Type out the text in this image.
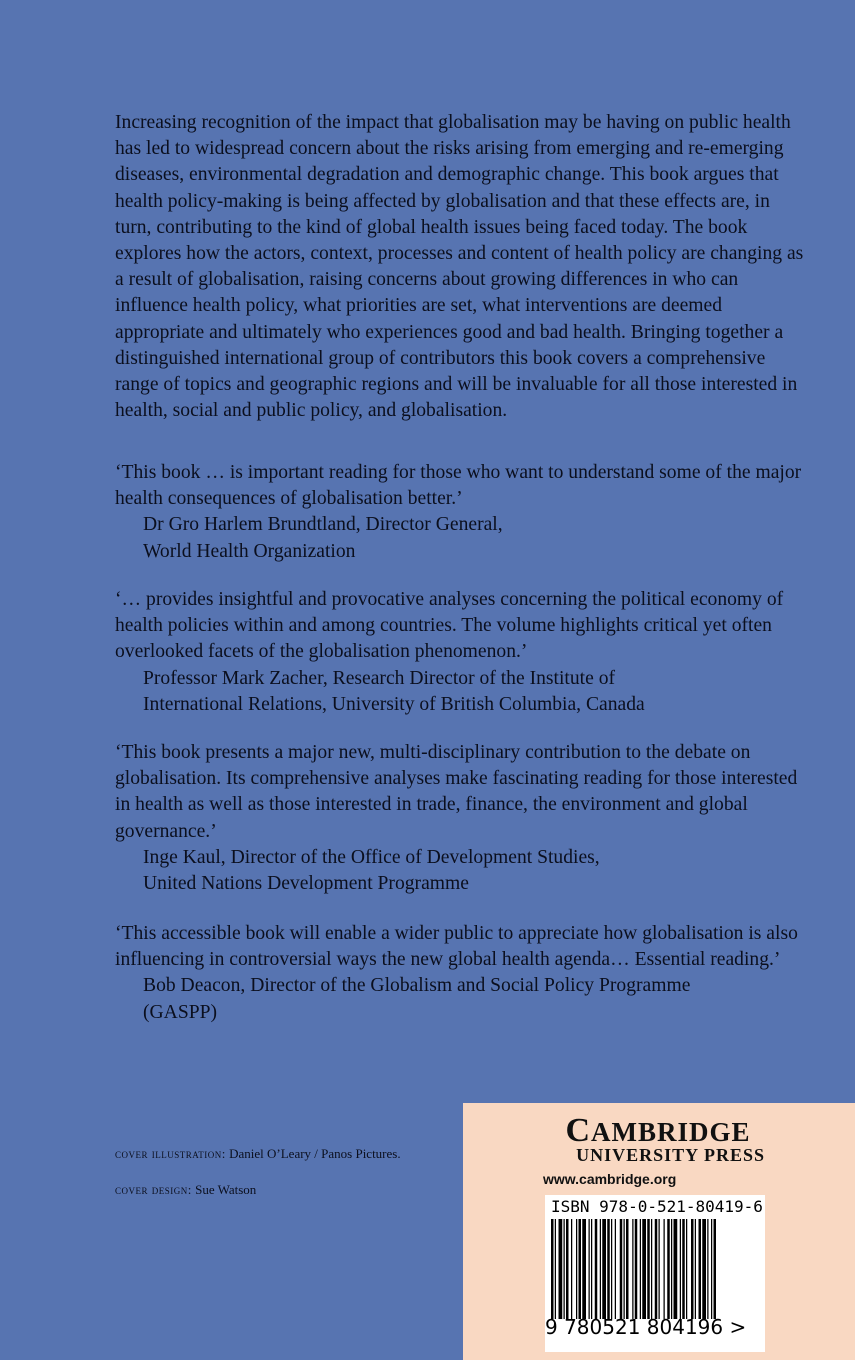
Increasing recognition of the impact that globalisation may be having on public health has led to widespread concern about the risks arising from emerging and re-emerging diseases, environmental degradation and demographic change. This book argues that health policy-making is being affected by globalisation and that these effects are, in turn, contributing to the kind of global health issues being faced today. The book explores how the actors, context, processes and content of health policy are changing as a result of globalisation, raising concerns about growing differences in who can influence health policy, what priorities are set, what interventions are deemed appropriate and ultimately who experiences good and bad health. Bringing together a distinguished international group of contributors this book covers a comprehensive range of topics and geographic regions and will be invaluable for all those interested in health, social and public policy, and globalisation.

‘This book … is important reading for those who want to understand some of the major health consequences of globalisation better.’

Dr Gro Harlem Brundtland, Director General,
World Health Organization

‘… provides insightful and provocative analyses concerning the political economy of health policies within and among countries. The volume highlights critical yet often overlooked facets of the globalisation phenomenon.’

Professor Mark Zacher, Research Director of the Institute of
International Relations, University of British Columbia, Canada

‘This book presents a major new, multi-disciplinary contribution to the debate on globalisation. Its comprehensive analyses make fascinating reading for those interested in health as well as those interested in trade, finance, the environment and global governance.’

Inge Kaul, Director of the Office of Development Studies,
United Nations Development Programme

‘This accessible book will enable a wider public to appreciate how globalisation is also influencing in controversial ways the new global health agenda… Essential reading.’

Bob Deacon, Director of the Globalism and Social Policy Programme
(GASPP)
cover illustration: Daniel O’Leary / Panos Pictures.
cover design: Sue Watson
CAMBRIDGE
UNIVERSITY PRESS
www.cambridge.org
ISBN 978-0-521-80419-6
9 780521 804196 >
